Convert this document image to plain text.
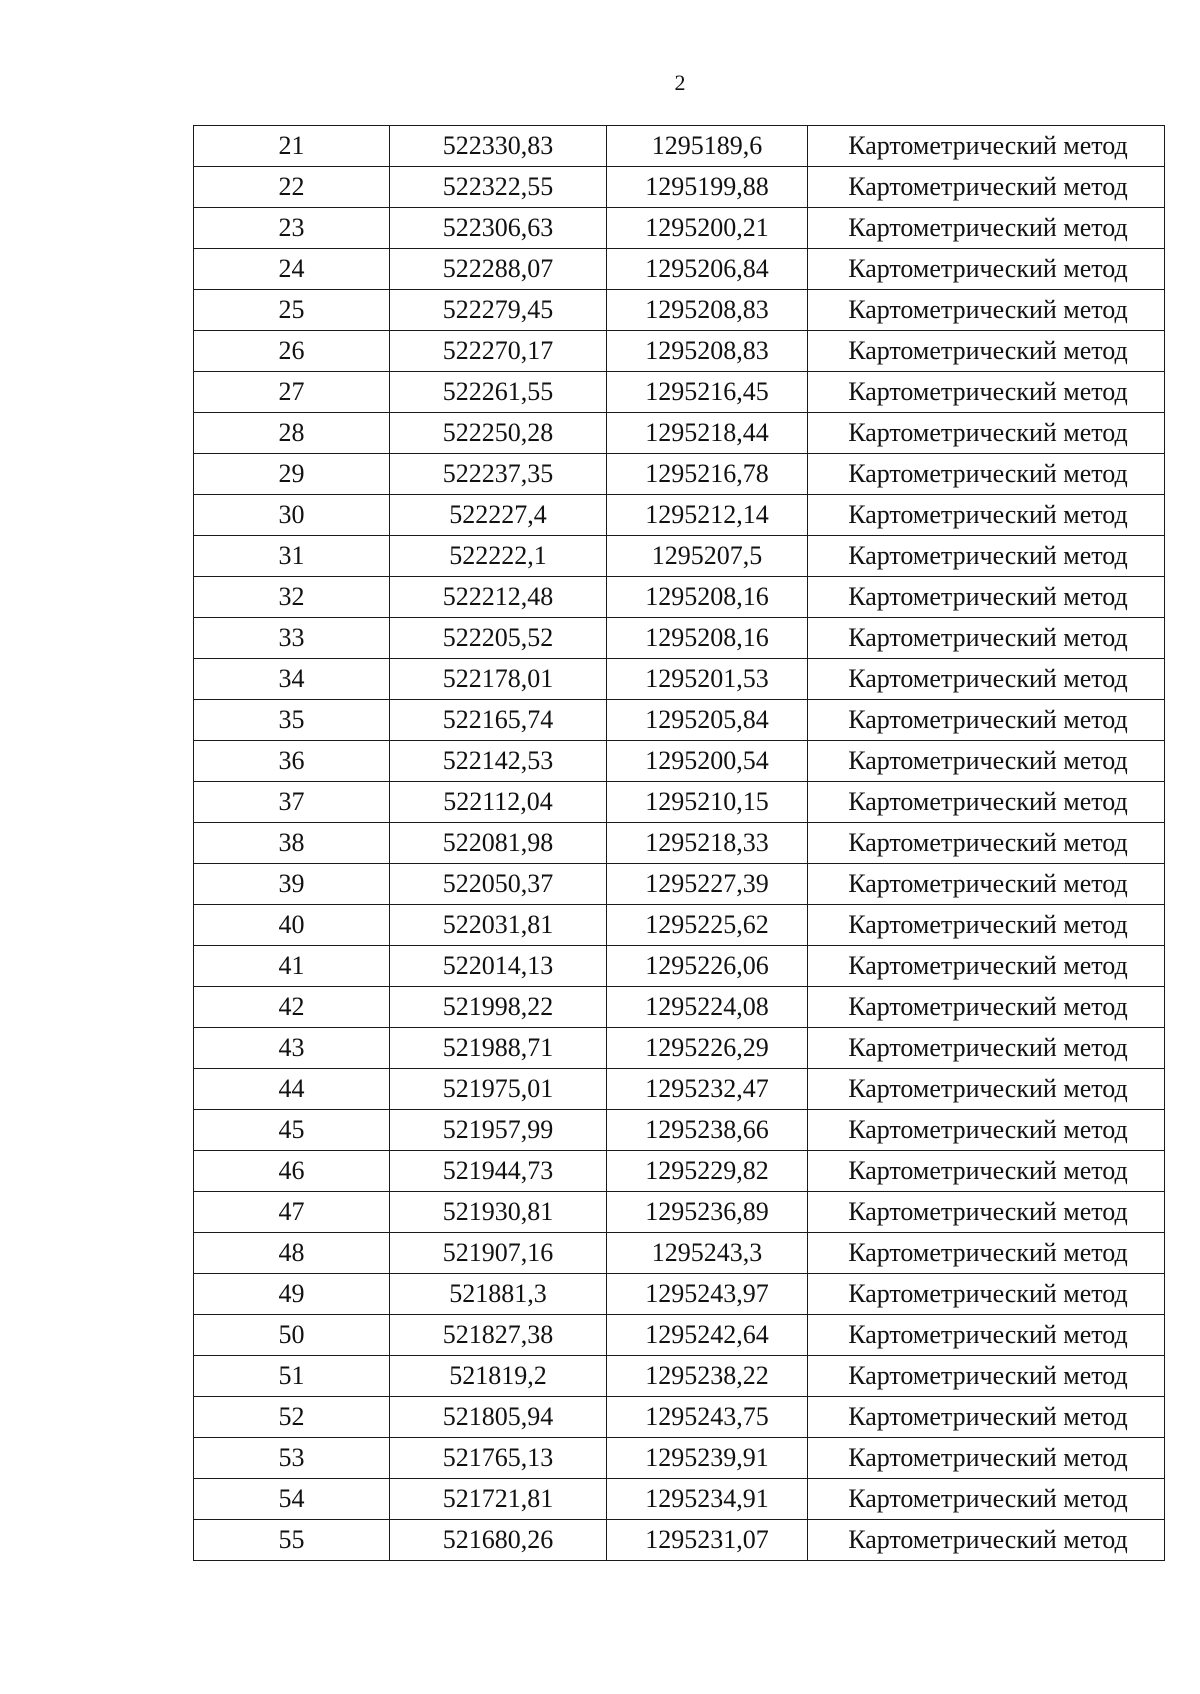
2
21	522330,83	1295189,6	Картометрический метод
22	522322,55	1295199,88	Картометрический метод
23	522306,63	1295200,21	Картометрический метод
24	522288,07	1295206,84	Картометрический метод
25	522279,45	1295208,83	Картометрический метод
26	522270,17	1295208,83	Картометрический метод
27	522261,55	1295216,45	Картометрический метод
28	522250,28	1295218,44	Картометрический метод
29	522237,35	1295216,78	Картометрический метод
30	522227,4	1295212,14	Картометрический метод
31	522222,1	1295207,5	Картометрический метод
32	522212,48	1295208,16	Картометрический метод
33	522205,52	1295208,16	Картометрический метод
34	522178,01	1295201,53	Картометрический метод
35	522165,74	1295205,84	Картометрический метод
36	522142,53	1295200,54	Картометрический метод
37	522112,04	1295210,15	Картометрический метод
38	522081,98	1295218,33	Картометрический метод
39	522050,37	1295227,39	Картометрический метод
40	522031,81	1295225,62	Картометрический метод
41	522014,13	1295226,06	Картометрический метод
42	521998,22	1295224,08	Картометрический метод
43	521988,71	1295226,29	Картометрический метод
44	521975,01	1295232,47	Картометрический метод
45	521957,99	1295238,66	Картометрический метод
46	521944,73	1295229,82	Картометрический метод
47	521930,81	1295236,89	Картометрический метод
48	521907,16	1295243,3	Картометрический метод
49	521881,3	1295243,97	Картометрический метод
50	521827,38	1295242,64	Картометрический метод
51	521819,2	1295238,22	Картометрический метод
52	521805,94	1295243,75	Картометрический метод
53	521765,13	1295239,91	Картометрический метод
54	521721,81	1295234,91	Картометрический метод
55	521680,26	1295231,07	Картометрический метод
